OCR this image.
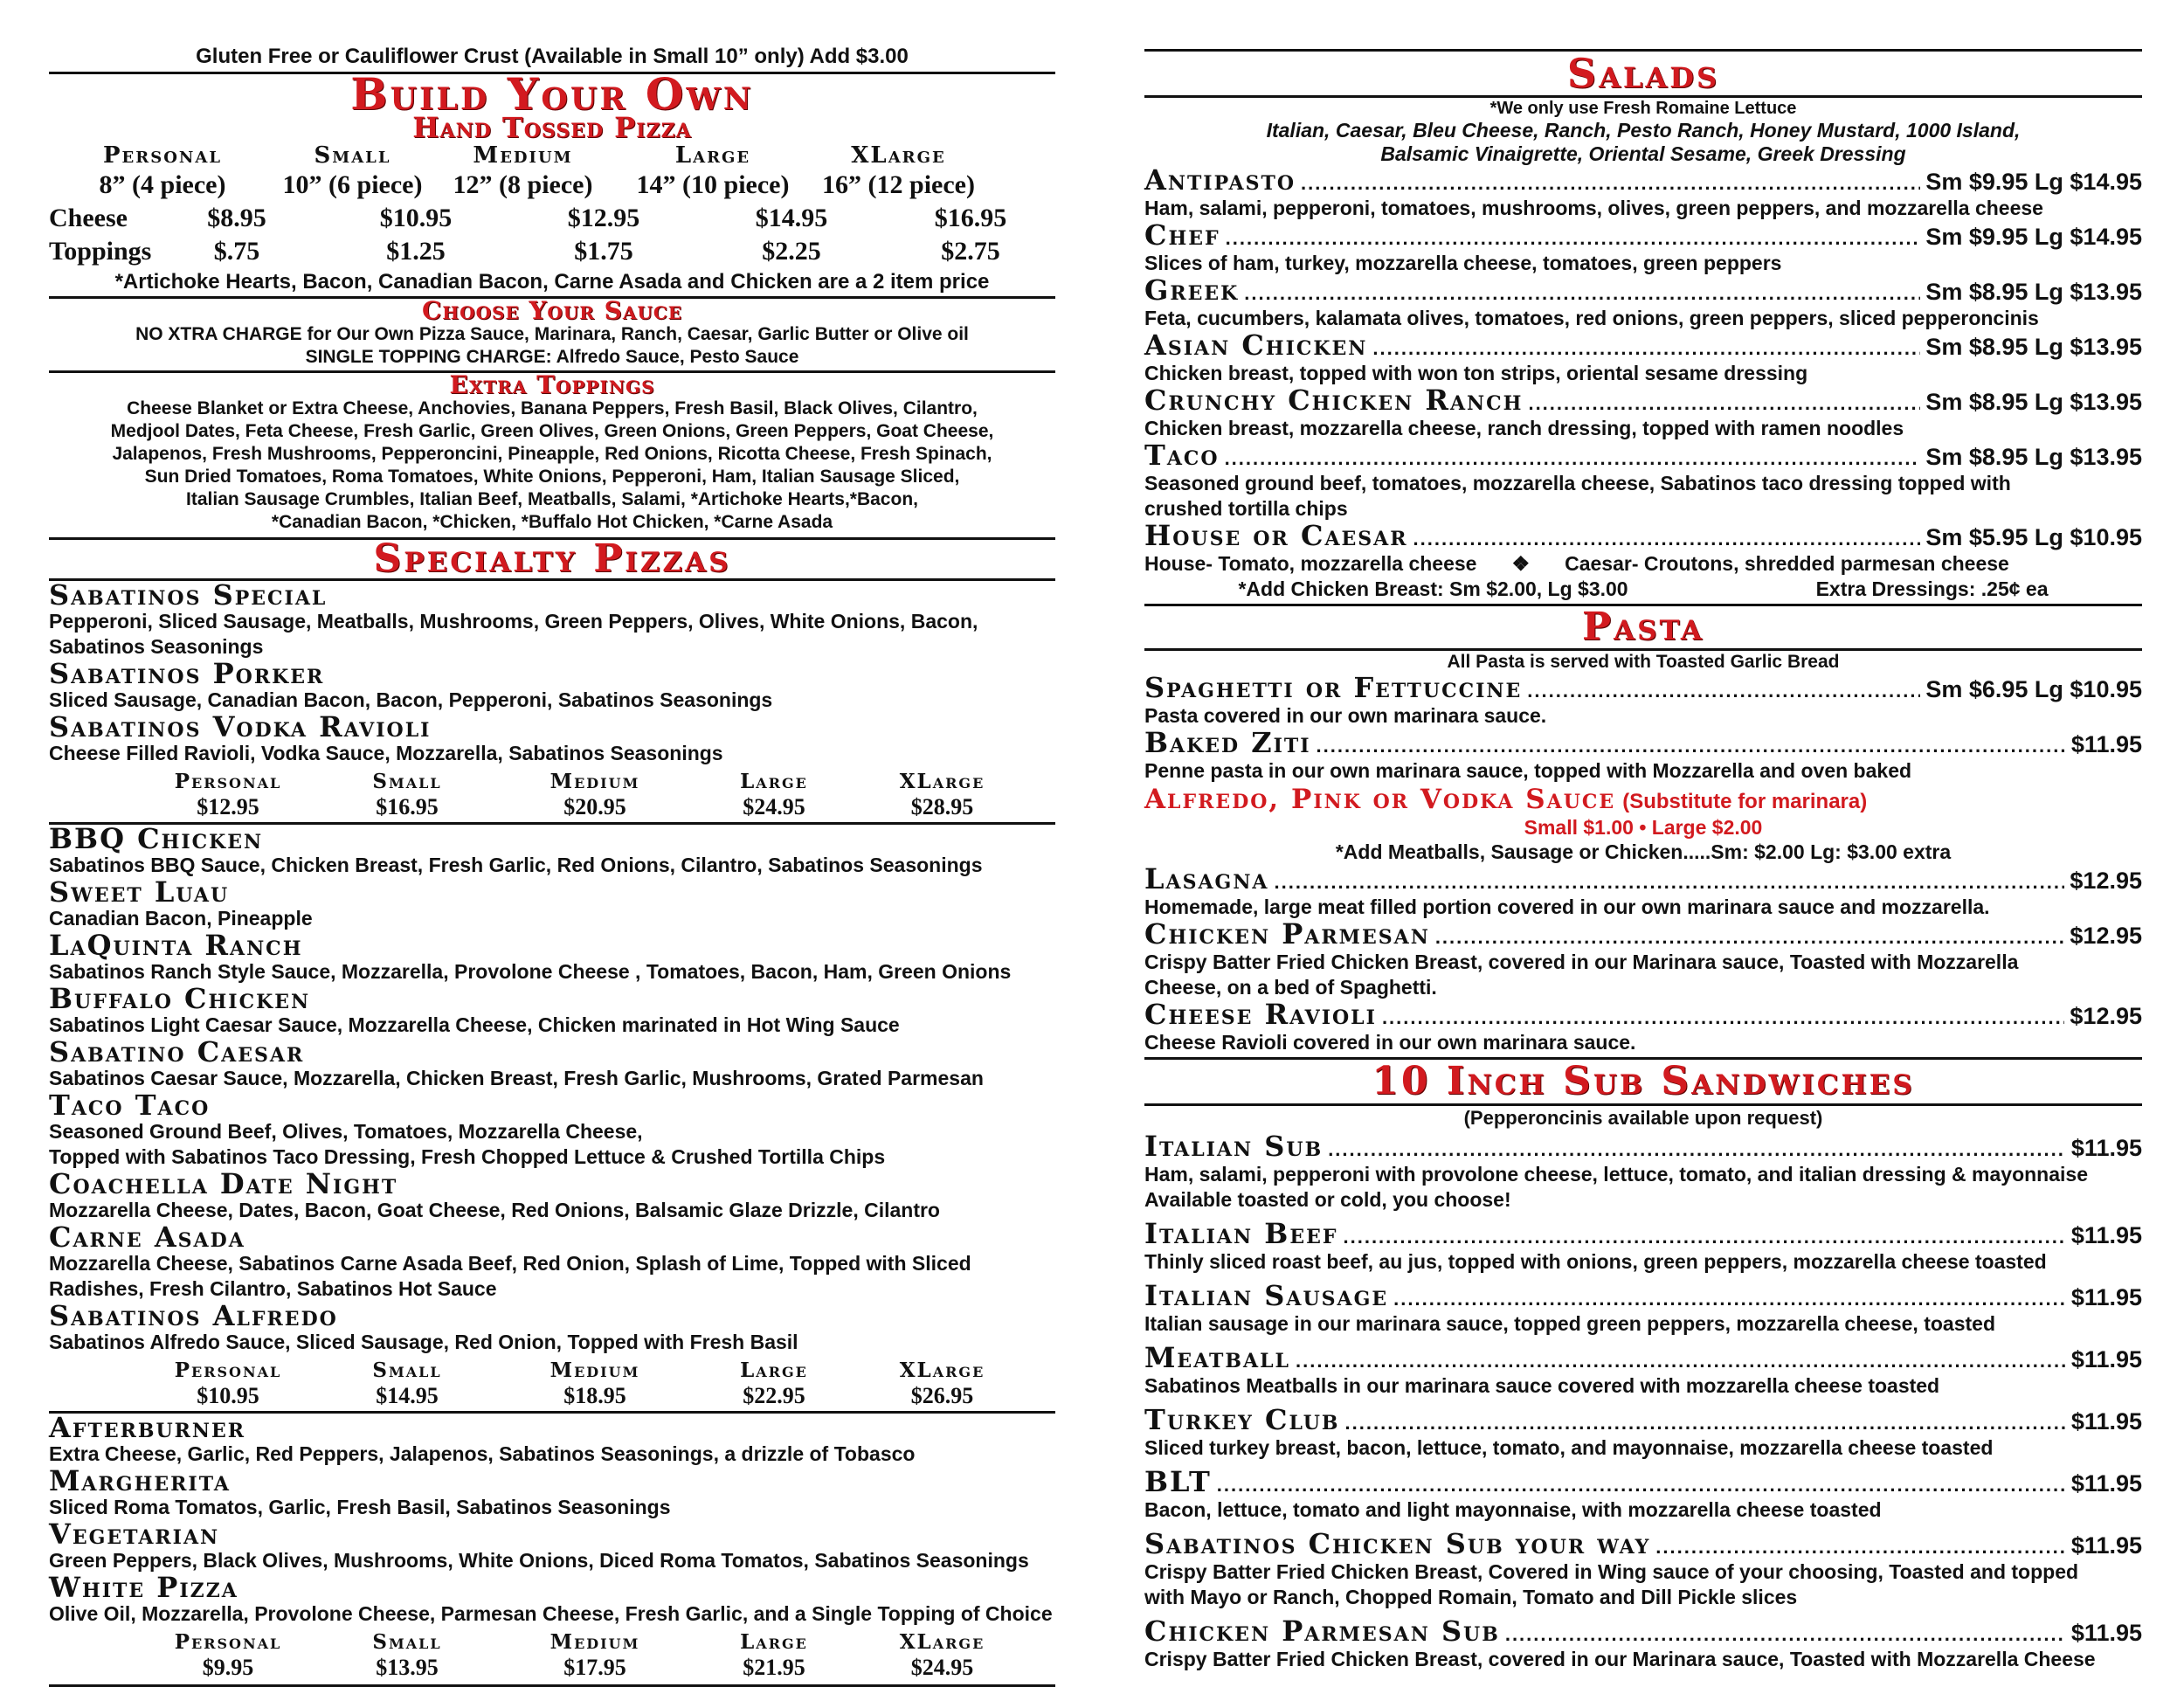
Gluten Free or Cauliflower Crust (Available in Small 10” only) Add $3.00
Build Your Own
Hand Tossed Pizza
Personal	Small	Medium	Large	XLarge
8” (4 piece)	10” (6 piece)	12” (8 piece)	14” (10 piece)	16” (12 piece)
Cheese	$8.95	$10.95	$12.95	$14.95	$16.95
Toppings	$.75	$1.25	$1.75	$2.25	$2.75
*Artichoke Hearts, Bacon, Canadian Bacon, Carne Asada and Chicken are a 2 item price
Choose Your Sauce
NO XTRA CHARGE for Our Own Pizza Sauce, Marinara, Ranch, Caesar, Garlic Butter or Olive oil
SINGLE TOPPING CHARGE: Alfredo Sauce, Pesto Sauce
Extra Toppings
Cheese Blanket or Extra Cheese, Anchovies, Banana Peppers, Fresh Basil, Black Olives, Cilantro,
Medjool Dates, Feta Cheese, Fresh Garlic, Green Olives, Green Onions, Green Peppers, Goat Cheese,
Jalapenos, Fresh Mushrooms, Pepperoncini, Pineapple, Red Onions, Ricotta Cheese, Fresh Spinach,
Sun Dried Tomatoes, Roma Tomatoes, White Onions, Pepperoni, Ham, Italian Sausage Sliced,
Italian Sausage Crumbles, Italian Beef, Meatballs, Salami, *Artichoke Hearts,*Bacon,
*Canadian Bacon, *Chicken, *Buffalo Hot Chicken, *Carne Asada
Specialty Pizzas
Sabatinos Special
Pepperoni, Sliced Sausage, Meatballs, Mushrooms, Green Peppers, Olives, White Onions, Bacon,
Sabatinos Seasonings
Sabatinos Porker
Sliced Sausage, Canadian Bacon, Bacon, Pepperoni, Sabatinos Seasonings
Sabatinos Vodka Ravioli
Cheese Filled Ravioli, Vodka Sauce, Mozzarella, Sabatinos Seasonings
Personal	Small	Medium	Large	XLarge
$12.95	$16.95	$20.95	$24.95	$28.95
BBQ Chicken
Sabatinos BBQ Sauce, Chicken Breast, Fresh Garlic, Red Onions, Cilantro, Sabatinos Seasonings
Sweet Luau
Canadian Bacon, Pineapple
LaQuinta Ranch
Sabatinos Ranch Style Sauce, Mozzarella, Provolone Cheese , Tomatoes, Bacon, Ham, Green Onions
Buffalo Chicken
Sabatinos Light Caesar Sauce, Mozzarella Cheese, Chicken marinated in Hot Wing Sauce
Sabatino Caesar
Sabatinos Caesar Sauce, Mozzarella, Chicken Breast, Fresh Garlic, Mushrooms, Grated Parmesan
Taco Taco
Seasoned Ground Beef, Olives, Tomatoes, Mozzarella Cheese,
Topped with Sabatinos Taco Dressing, Fresh Chopped Lettuce & Crushed Tortilla Chips
Coachella Date Night
Mozzarella Cheese, Dates, Bacon, Goat Cheese, Red Onions, Balsamic Glaze Drizzle, Cilantro
Carne Asada
Mozzarella Cheese, Sabatinos Carne Asada Beef, Red Onion, Splash of Lime, Topped with Sliced
Radishes, Fresh Cilantro, Sabatinos Hot Sauce
Sabatinos Alfredo
Sabatinos Alfredo Sauce, Sliced Sausage, Red Onion, Topped with Fresh Basil
Personal	Small	Medium	Large	XLarge
$10.95	$14.95	$18.95	$22.95	$26.95
Afterburner
Extra Cheese, Garlic, Red Peppers, Jalapenos, Sabatinos Seasonings, a drizzle of Tobasco
Margherita
Sliced Roma Tomatos, Garlic, Fresh Basil, Sabatinos Seasonings
Vegetarian
Green Peppers, Black Olives, Mushrooms, White Onions, Diced Roma Tomatos, Sabatinos Seasonings
White Pizza
Olive Oil, Mozzarella, Provolone Cheese, Parmesan Cheese, Fresh Garlic, and a Single Topping of Choice
Personal	Small	Medium	Large	XLarge
$9.95	$13.95	$17.95	$21.95	$24.95
Salads
*We only use Fresh Romaine Lettuce
Italian, Caesar, Bleu Cheese, Ranch, Pesto Ranch, Honey Mustard, 1000 Island,
Balsamic Vinaigrette, Oriental Sesame, Greek Dressing
Antipasto .....	Sm $9.95 Lg $14.95
Ham, salami, pepperoni, tomatoes, mushrooms, olives, green peppers, and mozzarella cheese
Chef .....	Sm $9.95 Lg $14.95
Slices of ham, turkey, mozzarella cheese, tomatoes, green peppers
Greek .....	Sm $8.95 Lg $13.95
Feta, cucumbers, kalamata olives, tomatoes, red onions, green peppers, sliced pepperoncinis
Asian Chicken .....	Sm $8.95 Lg $13.95
Chicken breast, topped with won ton strips, oriental sesame dressing
Crunchy Chicken Ranch .....	Sm $8.95 Lg $13.95
Chicken breast, mozzarella cheese, ranch dressing, topped with ramen noodles
Taco .....	Sm $8.95 Lg $13.95
Seasoned ground beef, tomatoes, mozzarella cheese, Sabatinos taco dressing topped with
crushed tortilla chips
House or Caesar .....	Sm $5.95 Lg $10.95
House- Tomato, mozzarella cheese ❖ Caesar- Croutons, shredded parmesan cheese
*Add Chicken Breast: Sm $2.00, Lg $3.00	Extra Dressings: .25¢ ea
Pasta
All Pasta is served with Toasted Garlic Bread
Spaghetti or Fettuccine .....	Sm $6.95 Lg $10.95
Pasta covered in our own marinara sauce.
Baked Ziti .....	$11.95
Penne pasta in our own marinara sauce, topped with Mozzarella and oven baked
Alfredo, Pink or Vodka Sauce (Substitute for marinara)
Small $1.00 • Large $2.00
*Add Meatballs, Sausage or Chicken.....Sm: $2.00 Lg: $3.00 extra
Lasagna .....	$12.95
Homemade, large meat filled portion covered in our own marinara sauce and mozzarella.
Chicken Parmesan .....	$12.95
Crispy Batter Fried Chicken Breast, covered in our Marinara sauce, Toasted with Mozzarella
Cheese, on a bed of Spaghetti.
Cheese Ravioli .....	$12.95
Cheese Ravioli covered in our own marinara sauce.
10 Inch Sub Sandwiches
(Pepperoncinis available upon request)
Italian Sub .....	$11.95
Ham, salami, pepperoni with provolone cheese, lettuce, tomato, and italian dressing & mayonnaise
Available toasted or cold, you choose!
Italian Beef .....	$11.95
Thinly sliced roast beef, au jus, topped with onions, green peppers, mozzarella cheese toasted
Italian Sausage .....	$11.95
Italian sausage in our marinara sauce, topped green peppers, mozzarella cheese, toasted
Meatball .....	$11.95
Sabatinos Meatballs in our marinara sauce covered with mozzarella cheese toasted
Turkey Club .....	$11.95
Sliced turkey breast, bacon, lettuce, tomato, and mayonnaise, mozzarella cheese toasted
BLT .....	$11.95
Bacon, lettuce, tomato and light mayonnaise, with mozzarella cheese toasted
Sabatinos Chicken Sub your way .....	$11.95
Crispy Batter Fried Chicken Breast, Covered in Wing sauce of your choosing, Toasted and topped
with Mayo or Ranch, Chopped Romain, Tomato and Dill Pickle slices
Chicken Parmesan Sub .....	$11.95
Crispy Batter Fried Chicken Breast, covered in our Marinara sauce, Toasted with Mozzarella Cheese
